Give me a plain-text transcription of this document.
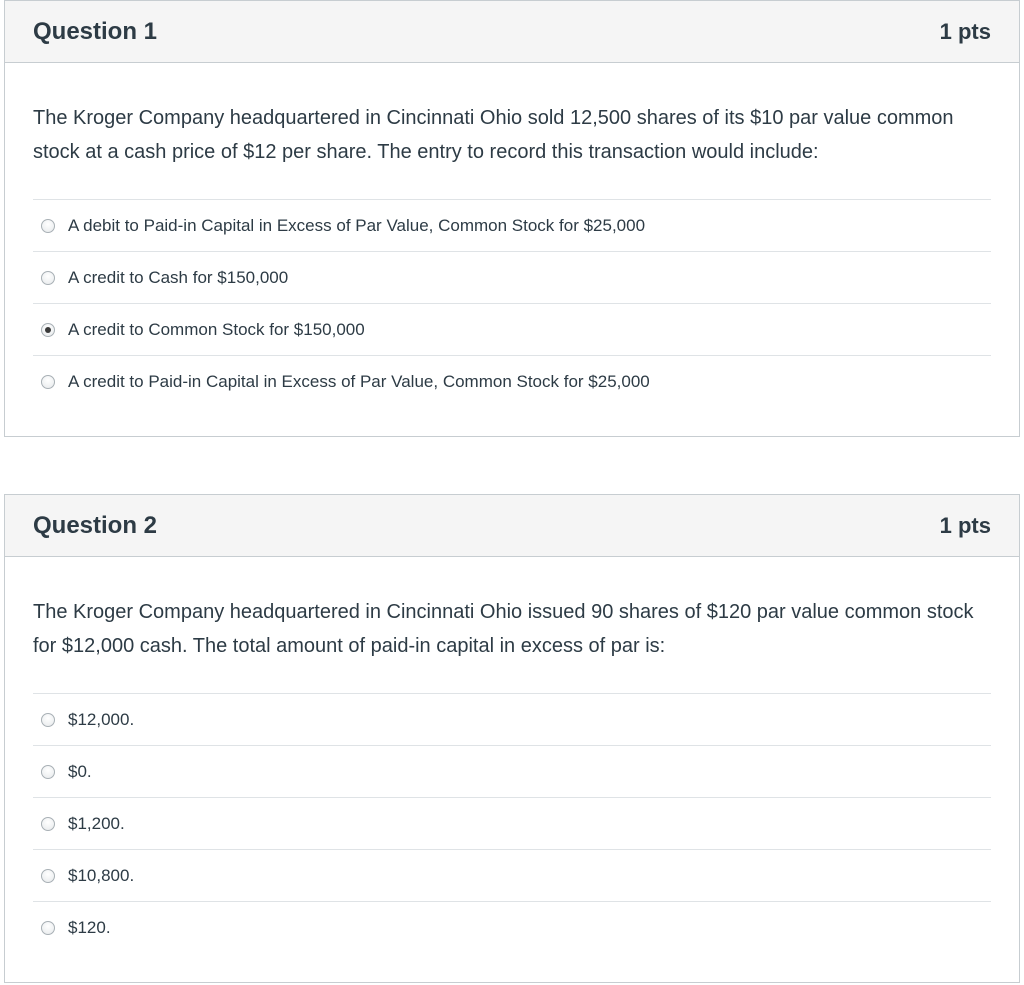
Question 1	1 pts

The Kroger Company headquartered in Cincinnati Ohio sold 12,500 shares of its $10 par value common stock at a cash price of $12 per share. The entry to record this transaction would include:

A debit to Paid-in Capital in Excess of Par Value, Common Stock for $25,000
A credit to Cash for $150,000
A credit to Common Stock for $150,000
A credit to Paid-in Capital in Excess of Par Value, Common Stock for $25,000
Question 2	1 pts

The Kroger Company headquartered in Cincinnati Ohio issued 90 shares of $120 par value common stock for $12,000 cash. The total amount of paid-in capital in excess of par is:

$12,000.
$0.
$1,200.
$10,800.
$120.
